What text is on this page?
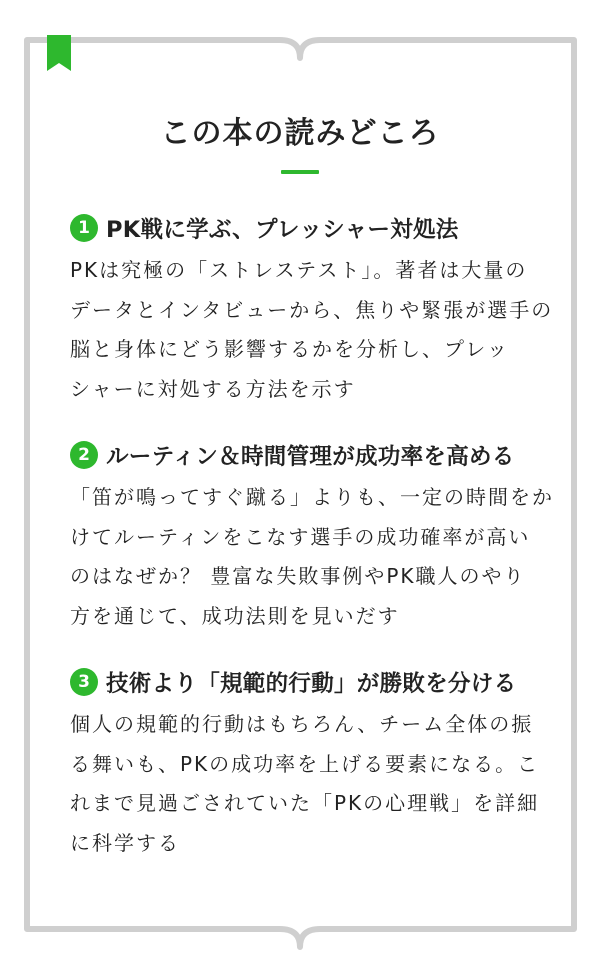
この本の読みどころ
1 PK戦に学ぶ、プレッシャー対処法
PKは究極の「ストレステスト」。著者は大量の
データとインタビューから、焦りや緊張が選手の
脳と身体にどう影響するかを分析し、プレッ
シャーに対処する方法を示す
2 ルーティン＆時間管理が成功率を高める
「笛が鳴ってすぐ蹴る」よりも、一定の時間をか
けてルーティンをこなす選手の成功確率が高い
のはなぜか？ 豊富な失敗事例やPK職人のやり
方を通じて、成功法則を見いだす
3 技術より「規範的行動」が勝敗を分ける
個人の規範的行動はもちろん、チーム全体の振
る舞いも、PKの成功率を上げる要素になる。こ
れまで見過ごされていた「PKの心理戦」を詳細
に科学する
